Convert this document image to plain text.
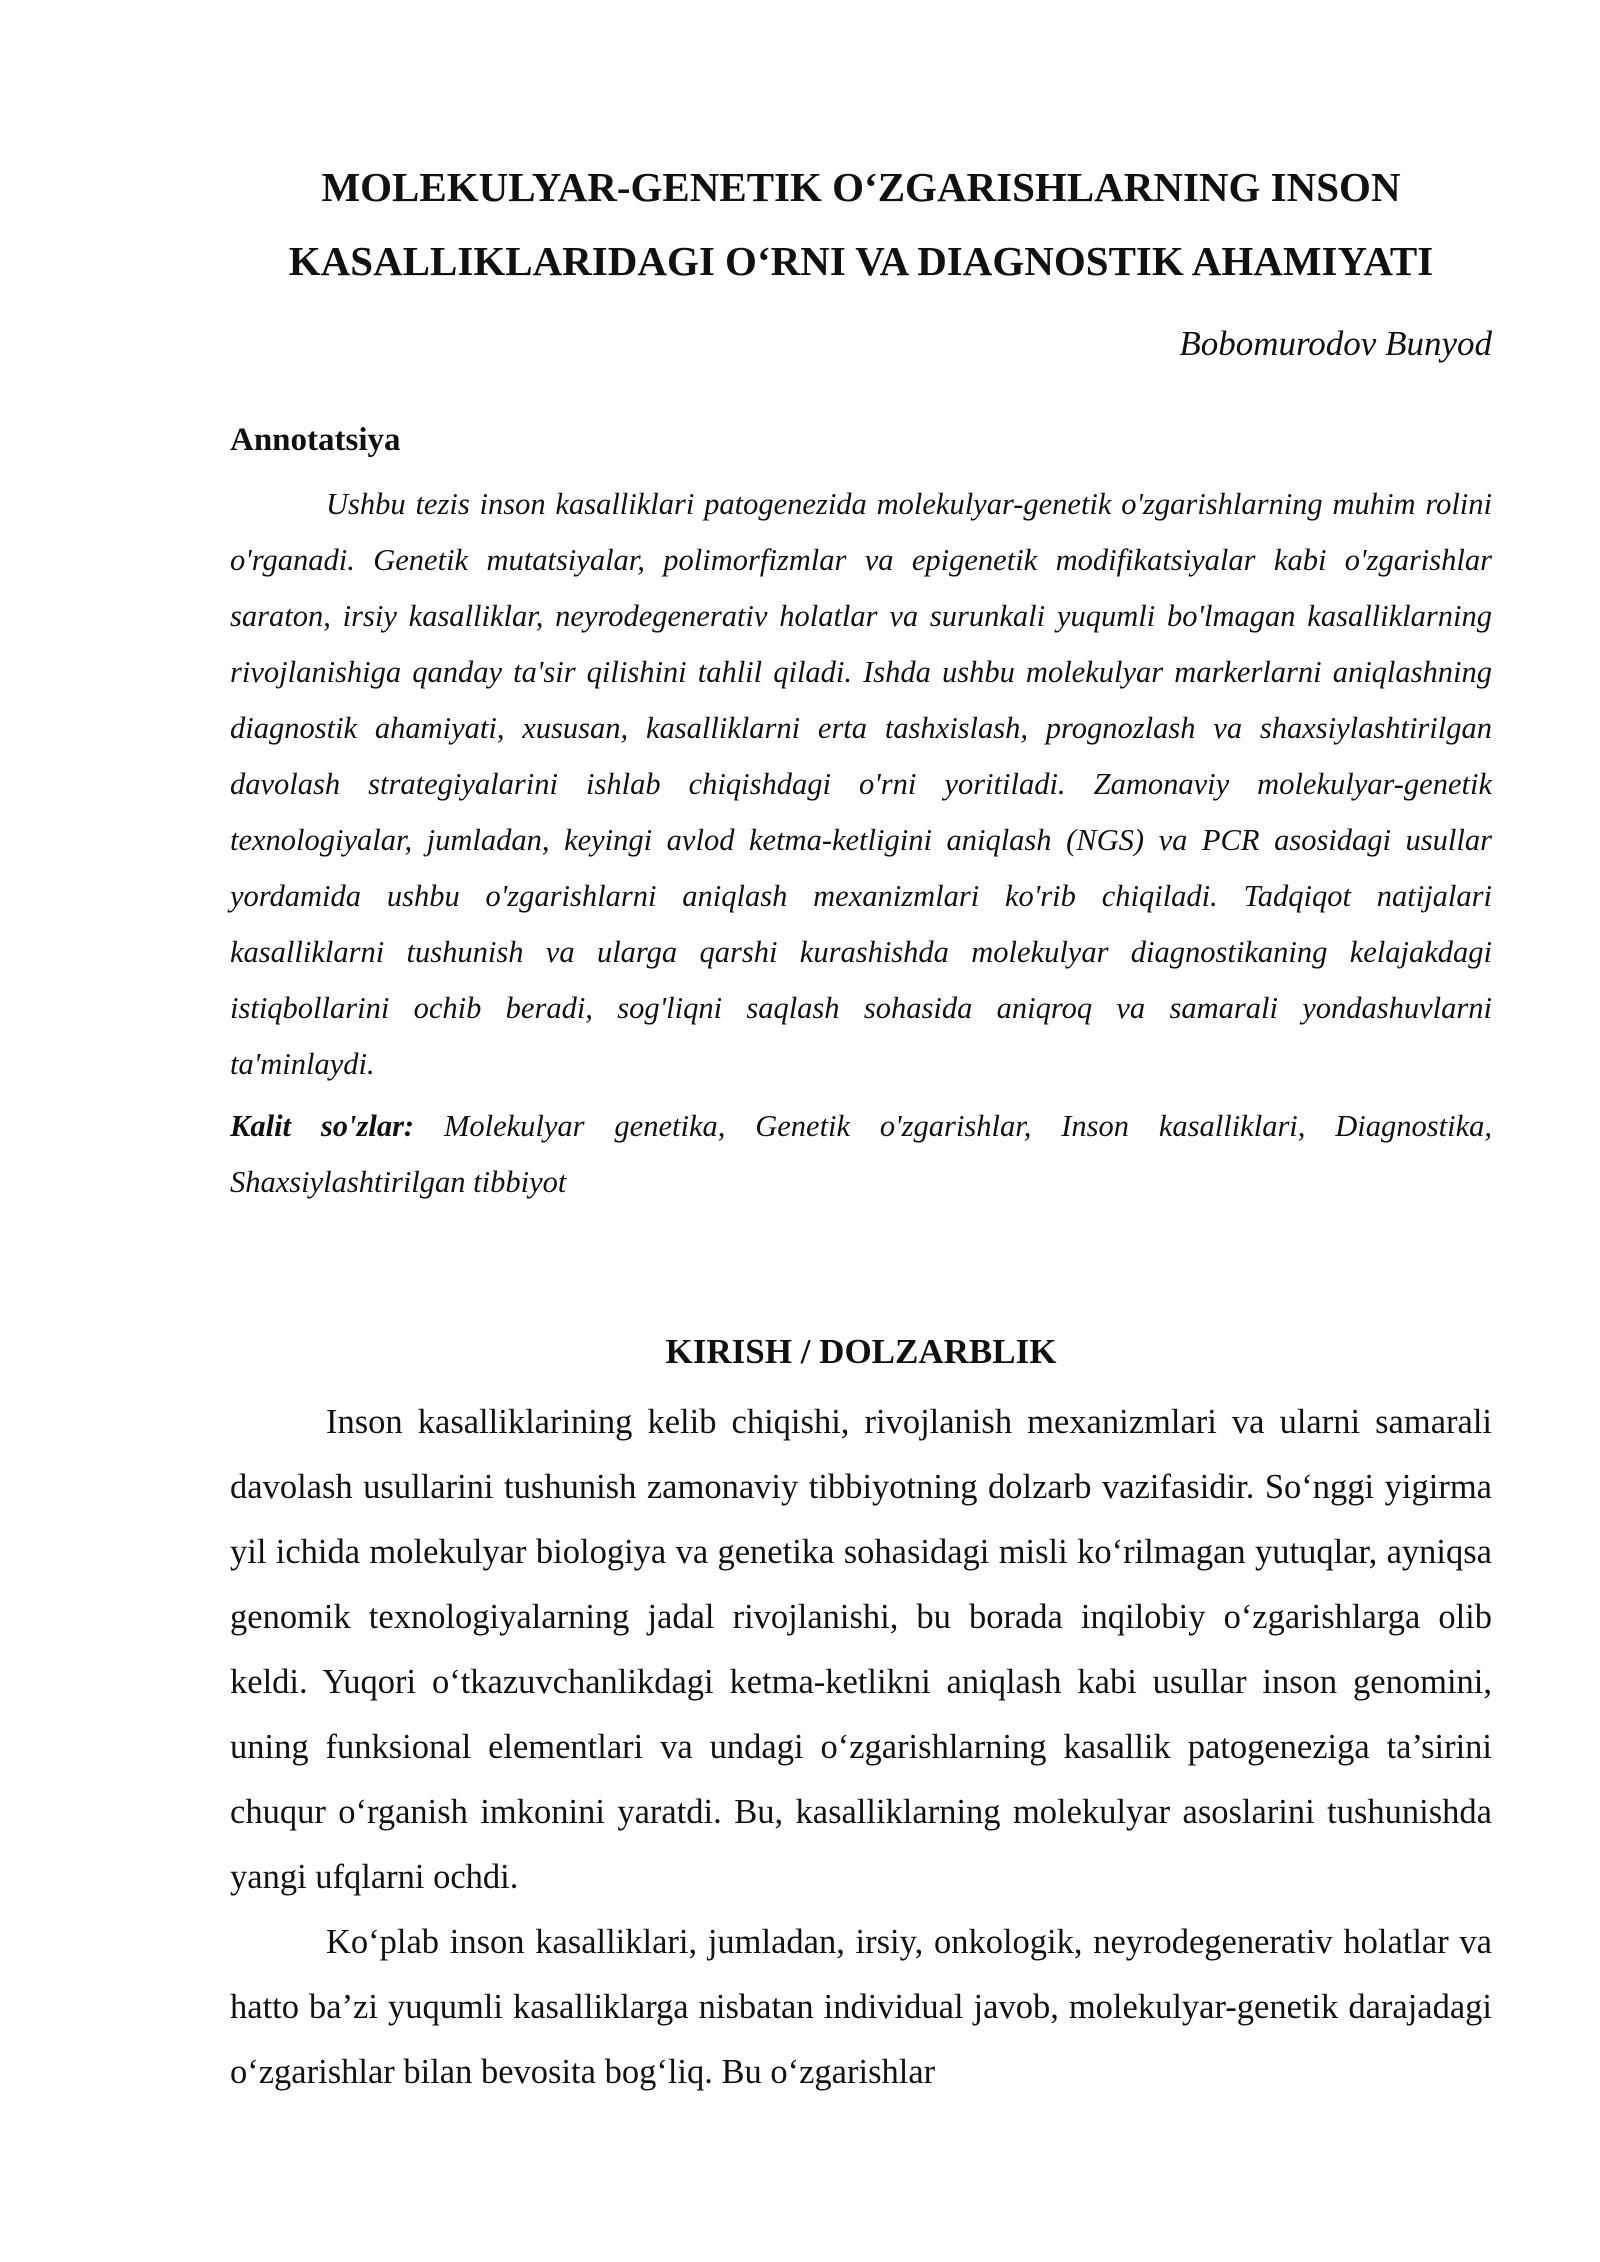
MOLEKULYAR-GENETIK O‘ZGARISHLARNING INSON
KASALLIKLARIDAGI O‘RNI VA DIAGNOSTIK AHAMIYATI
Bobomurodov Bunyod
Annotatsiya

Ushbu tezis inson kasalliklari patogenezida molekulyar-genetik o'zgarishlarning muhim rolini o'rganadi. Genetik mutatsiyalar, polimorfizmlar va epigenetik modifikatsiyalar kabi o'zgarishlar saraton, irsiy kasalliklar, neyrodegenerativ holatlar va surunkali yuqumli bo'lmagan kasalliklarning rivojlanishiga qanday ta'sir qilishini tahlil qiladi. Ishda ushbu molekulyar markerlarni aniqlashning diagnostik ahamiyati, xususan, kasalliklarni erta tashxislash, prognozlash va shaxsiylashtirilgan davolash strategiyalarini ishlab chiqishdagi o'rni yoritiladi. Zamonaviy molekulyar-genetik texnologiyalar, jumladan, keyingi avlod ketma-ketligini aniqlash (NGS) va PCR asosidagi usullar yordamida ushbu o'zgarishlarni aniqlash mexanizmlari ko'rib chiqiladi. Tadqiqot natijalari kasalliklarni tushunish va ularga qarshi kurashishda molekulyar diagnostikaning kelajakdagi istiqbollarini ochib beradi, sog'liqni saqlash sohasida aniqroq va samarali yondashuvlarni ta'minlaydi.

Kalit so'zlar: Molekulyar genetika, Genetik o'zgarishlar, Inson kasalliklari, Diagnostika, Shaxsiylashtirilgan tibbiyot

KIRISH / DOLZARBLIK

Inson kasalliklarining kelib chiqishi, rivojlanish mexanizmlari va ularni samarali davolash usullarini tushunish zamonaviy tibbiyotning dolzarb vazifasidir. So‘nggi yigirma yil ichida molekulyar biologiya va genetika sohasidagi misli ko‘rilmagan yutuqlar, ayniqsa genomik texnologiyalarning jadal rivojlanishi, bu borada inqilobiy o‘zgarishlarga olib keldi. Yuqori o‘tkazuvchanlikdagi ketma-ketlikni aniqlash kabi usullar inson genomini, uning funksional elementlari va undagi o‘zgarishlarning kasallik patogeneziga ta’sirini chuqur o‘rganish imkonini yaratdi. Bu, kasalliklarning molekulyar asoslarini tushunishda yangi ufqlarni ochdi.

Ko‘plab inson kasalliklari, jumladan, irsiy, onkologik, neyrodegenerativ holatlar va hatto ba’zi yuqumli kasalliklarga nisbatan individual javob, molekulyar-genetik darajadagi o‘zgarishlar bilan bevosita bog‘liq. Bu o‘zgarishlar
